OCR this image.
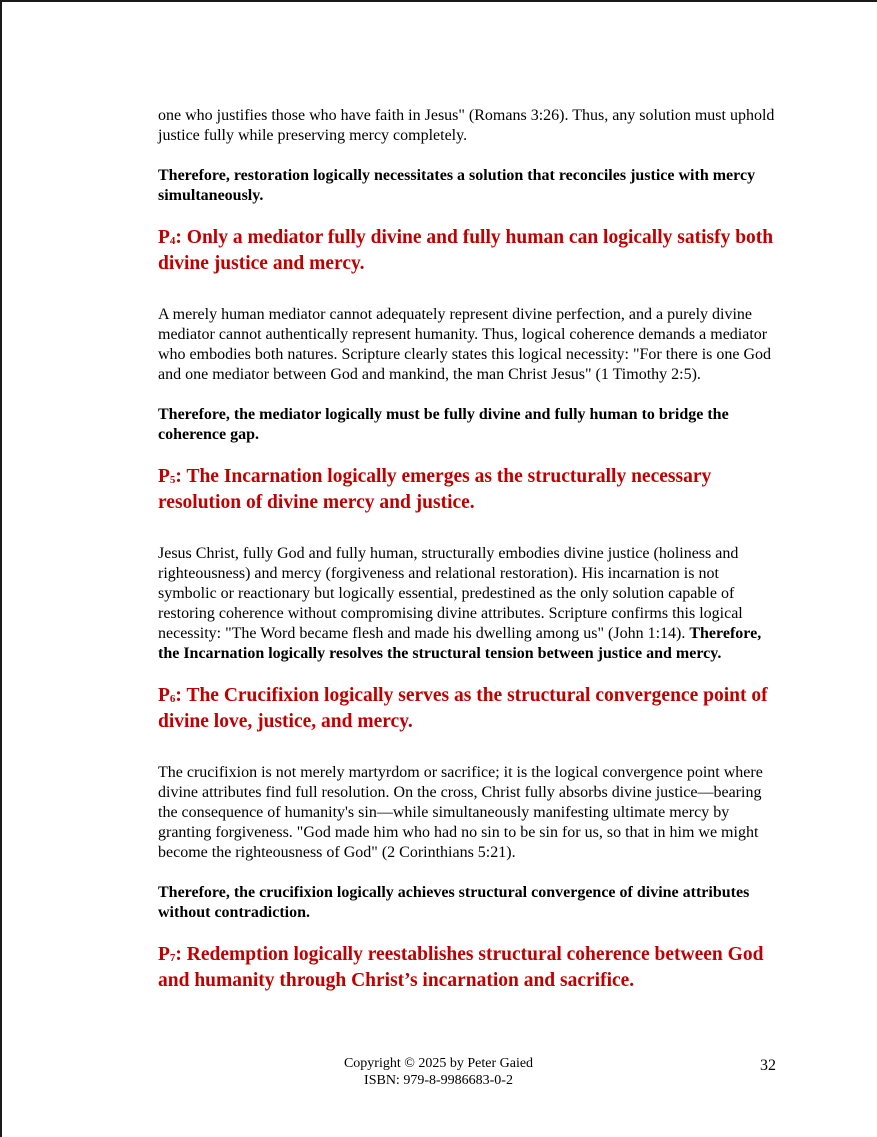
one who justifies those who have faith in Jesus" (Romans 3:26). Thus, any solution must uphold justice fully while preserving mercy completely.

Therefore, restoration logically necessitates a solution that reconciles justice with mercy simultaneously.

P4: Only a mediator fully divine and fully human can logically satisfy both divine justice and mercy.

A merely human mediator cannot adequately represent divine perfection, and a purely divine mediator cannot authentically represent humanity. Thus, logical coherence demands a mediator who embodies both natures. Scripture clearly states this logical necessity: "For there is one God and one mediator between God and mankind, the man Christ Jesus" (1 Timothy 2:5).

Therefore, the mediator logically must be fully divine and fully human to bridge the coherence gap.

P5: The Incarnation logically emerges as the structurally necessary resolution of divine mercy and justice.

Jesus Christ, fully God and fully human, structurally embodies divine justice (holiness and righteousness) and mercy (forgiveness and relational restoration). His incarnation is not symbolic or reactionary but logically essential, predestined as the only solution capable of restoring coherence without compromising divine attributes. Scripture confirms this logical necessity: "The Word became flesh and made his dwelling among us" (John 1:14). Therefore, the Incarnation logically resolves the structural tension between justice and mercy.

P6: The Crucifixion logically serves as the structural convergence point of divine love, justice, and mercy.

The crucifixion is not merely martyrdom or sacrifice; it is the logical convergence point where divine attributes find full resolution. On the cross, Christ fully absorbs divine justice—bearing the consequence of humanity's sin—while simultaneously manifesting ultimate mercy by granting forgiveness. "God made him who had no sin to be sin for us, so that in him we might become the righteousness of God" (2 Corinthians 5:21).

Therefore, the crucifixion logically achieves structural convergence of divine attributes without contradiction.

P7: Redemption logically reestablishes structural coherence between God and humanity through Christ’s incarnation and sacrifice.
Copyright © 2025 by Peter Gaied
ISBN: 979-8-9986683-0-2
32
